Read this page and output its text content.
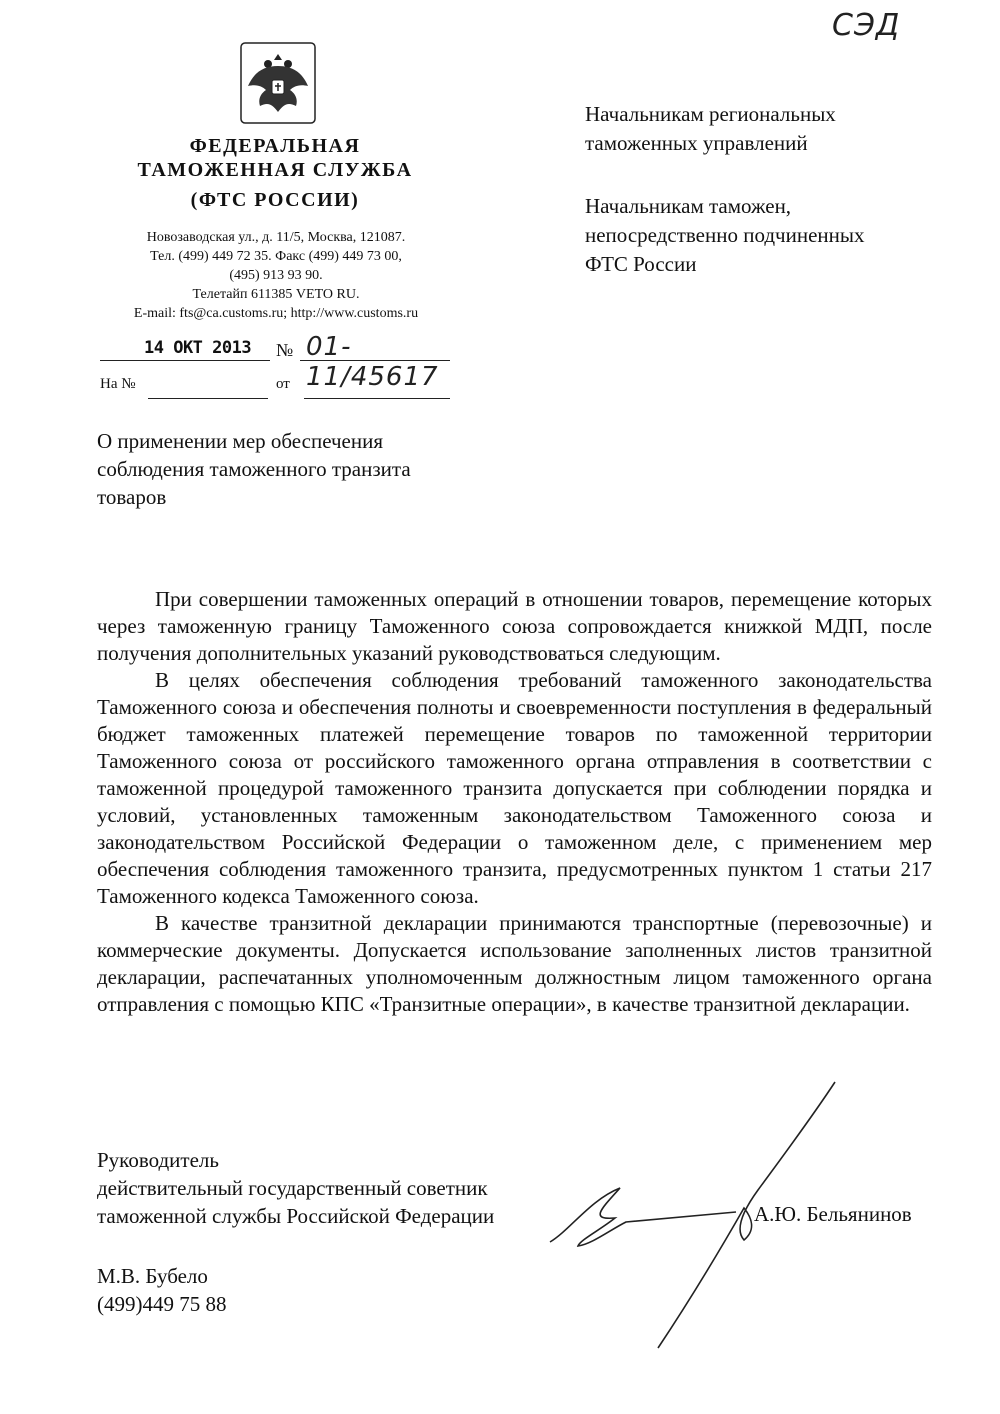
СЭД
ФЕДЕРАЛЬНАЯ
ТАМОЖЕННАЯ СЛУЖБА
(ФТС РОССИИ)
Новозаводская ул., д. 11/5, Москва, 121087.
Тел. (499) 449 72 35. Факс (499) 449 73 00,
(495) 913 93 90.
Телетайп 611385 VETO RU.
E-mail: fts@ca.customs.ru; http://www.customs.ru
14 ОКТ 2013 № 01-11/45617
На №	от
Начальникам региональных
таможенных управлений
Начальникам таможен,
непосредственно подчиненных
ФТС России
О применении мер обеспечения
соблюдения таможенного транзита
товаров

При совершении таможенных операций в отношении товаров, перемещение которых через таможенную границу Таможенного союза сопровождается книжкой МДП, после получения дополнительных указаний руководствоваться следующим.

В целях обеспечения соблюдения требований таможенного законодательства Таможенного союза и обеспечения полноты и своевременности поступления в федеральный бюджет таможенных платежей перемещение товаров по таможенной территории Таможенного союза от российского таможенного органа отправления в соответствии с таможенной процедурой таможенного транзита допускается при соблюдении порядка и условий, установленных таможенным законодательством Таможенного союза и законодательством Российской Федерации о таможенном деле, с применением мер обеспечения соблюдения таможенного транзита, предусмотренных пунктом 1 статьи 217 Таможенного кодекса Таможенного союза.

В качестве транзитной декларации принимаются транспортные (перевозочные) и коммерческие документы. Допускается использование заполненных листов транзитной декларации, распечатанных уполномоченным должностным лицом таможенного органа отправления с помощью КПС «Транзитные операции», в качестве транзитной декларации.

Руководитель
действительный государственный советник
таможенной службы Российской Федерации	А.Ю. Бельянинов
М.В. Бубело
(499)449 75 88
